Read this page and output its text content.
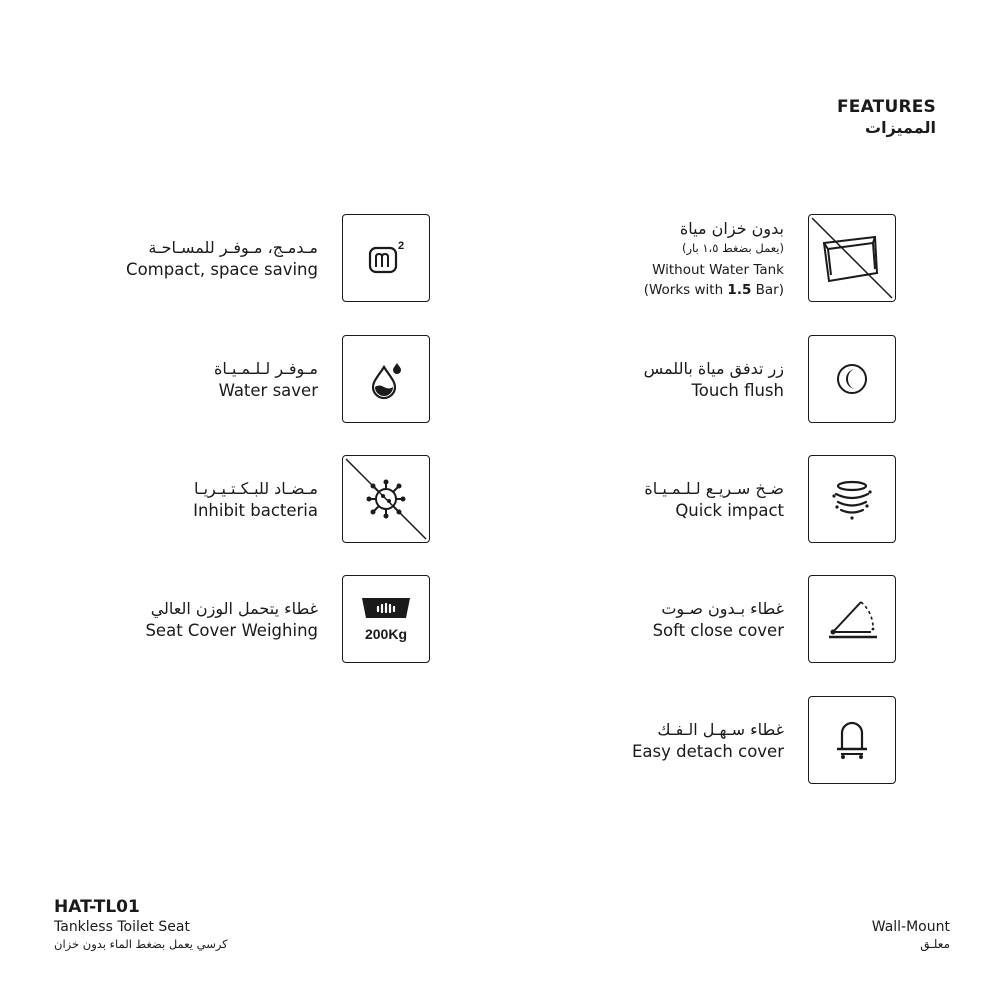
FEATURES
المميزات
مـدمـج، مـوفـر للمسـاحـة
Compact, space saving
2
مـوفـر لـلـمـيـاة
Water saver
مـضـاد للبـكـتـيـريـا
Inhibit bacteria
غطاء يتحمل الوزن العالي
Seat Cover Weighing	200Kg
بدون خزان مياة
(يعمل بضغط ١،٥ بار)
Without Water Tank
(Works with 1.5 Bar)
زر تدفق مياة باللمس
Touch flush
ضـخ سـريـع لـلـمـيـاة
Quick impact
غطاء بـدون صـوت
Soft close cover
غطاء سـهـل الـفـك
Easy detach cover
HAT-TL01
Tankless Toilet Seat
كرسي يعمل بضغط الماء بدون خزان
Wall-Mount
معلـق
